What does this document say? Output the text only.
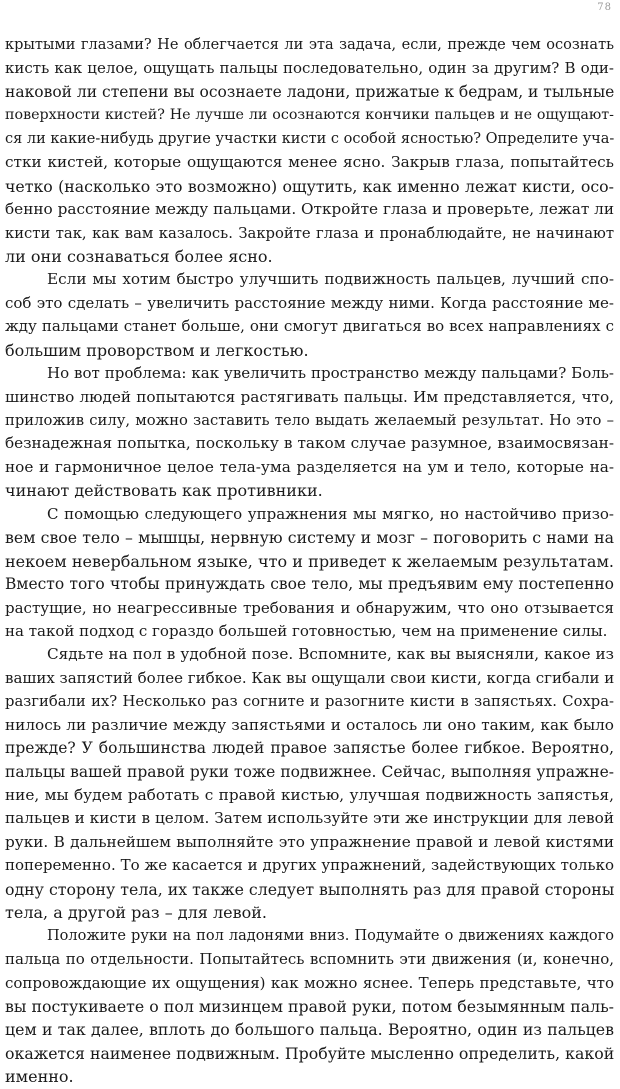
78
крытыми глазами? Не облегчается ли эта задача, если, прежде чем осознать
кисть как целое, ощущать пальцы последовательно, один за другим? В оди-
наковой ли степени вы осознаете ладони, прижатые к бедрам, и тыльные
поверхности кистей? Не лучше ли осознаются кончики пальцев и не ощущают-
ся ли какие-нибудь другие участки кисти с особой ясностью? Определите уча-
стки кистей, которые ощущаются менее ясно. Закрыв глаза, попытайтесь
четко (насколько это возможно) ощутить, как именно лежат кисти, осо-
бенно расстояние между пальцами. Откройте глаза и проверьте, лежат ли
кисти так, как вам казалось. Закройте глаза и пронаблюдайте, не начинают
ли они сознаваться более ясно.
Если мы хотим быстро улучшить подвижность пальцев, лучший спо-
соб это сделать – увеличить расстояние между ними. Когда расстояние ме-
жду пальцами станет больше, они смогут двигаться во всех направлениях с
большим проворством и легкостью.
Но вот проблема: как увеличить пространство между пальцами? Боль-
шинство людей попытаются растягивать пальцы. Им представляется, что,
приложив силу, можно заставить тело выдать желаемый результат. Но это –
безнадежная попытка, поскольку в таком случае разумное, взаимосвязан-
ное и гармоничное целое тела-ума разделяется на ум и тело, которые на-
чинают действовать как противники.
С помощью следующего упражнения мы мягко, но настойчиво призо-
вем свое тело – мышцы, нервную систему и мозг – поговорить с нами на
некоем невербальном языке, что и приведет к желаемым результатам.
Вместо того чтобы принуждать свое тело, мы предъявим ему постепенно
растущие, но неагрессивные требования и обнаружим, что оно отзывается
на такой подход с гораздо большей готовностью, чем на применение силы.
Сядьте на пол в удобной позе. Вспомните, как вы выясняли, какое из
ваших запястий более гибкое. Как вы ощущали свои кисти, когда сгибали и
разгибали их? Несколько раз согните и разогните кисти в запястьях. Сохра-
нилось ли различие между запястьями и осталось ли оно таким, как было
прежде? У большинства людей правое запястье более гибкое. Вероятно,
пальцы вашей правой руки тоже подвижнее. Сейчас, выполняя упражне-
ние, мы будем работать с правой кистью, улучшая подвижность запястья,
пальцев и кисти в целом. Затем используйте эти же инструкции для левой
руки. В дальнейшем выполняйте это упражнение правой и левой кистями
попеременно. То же касается и других упражнений, задействующих только
одну сторону тела, их также следует выполнять раз для правой стороны
тела, а другой раз – для левой.
Положите руки на пол ладонями вниз. Подумайте о движениях каждого
пальца по отдельности. Попытайтесь вспомнить эти движения (и, конечно,
сопровождающие их ощущения) как можно яснее. Теперь представьте, что
вы постукиваете о пол мизинцем правой руки, потом безымянным паль-
цем и так далее, вплоть до большого пальца. Вероятно, один из пальцев
окажется наименее подвижным. Пробуйте мысленно определить, какой
именно.
